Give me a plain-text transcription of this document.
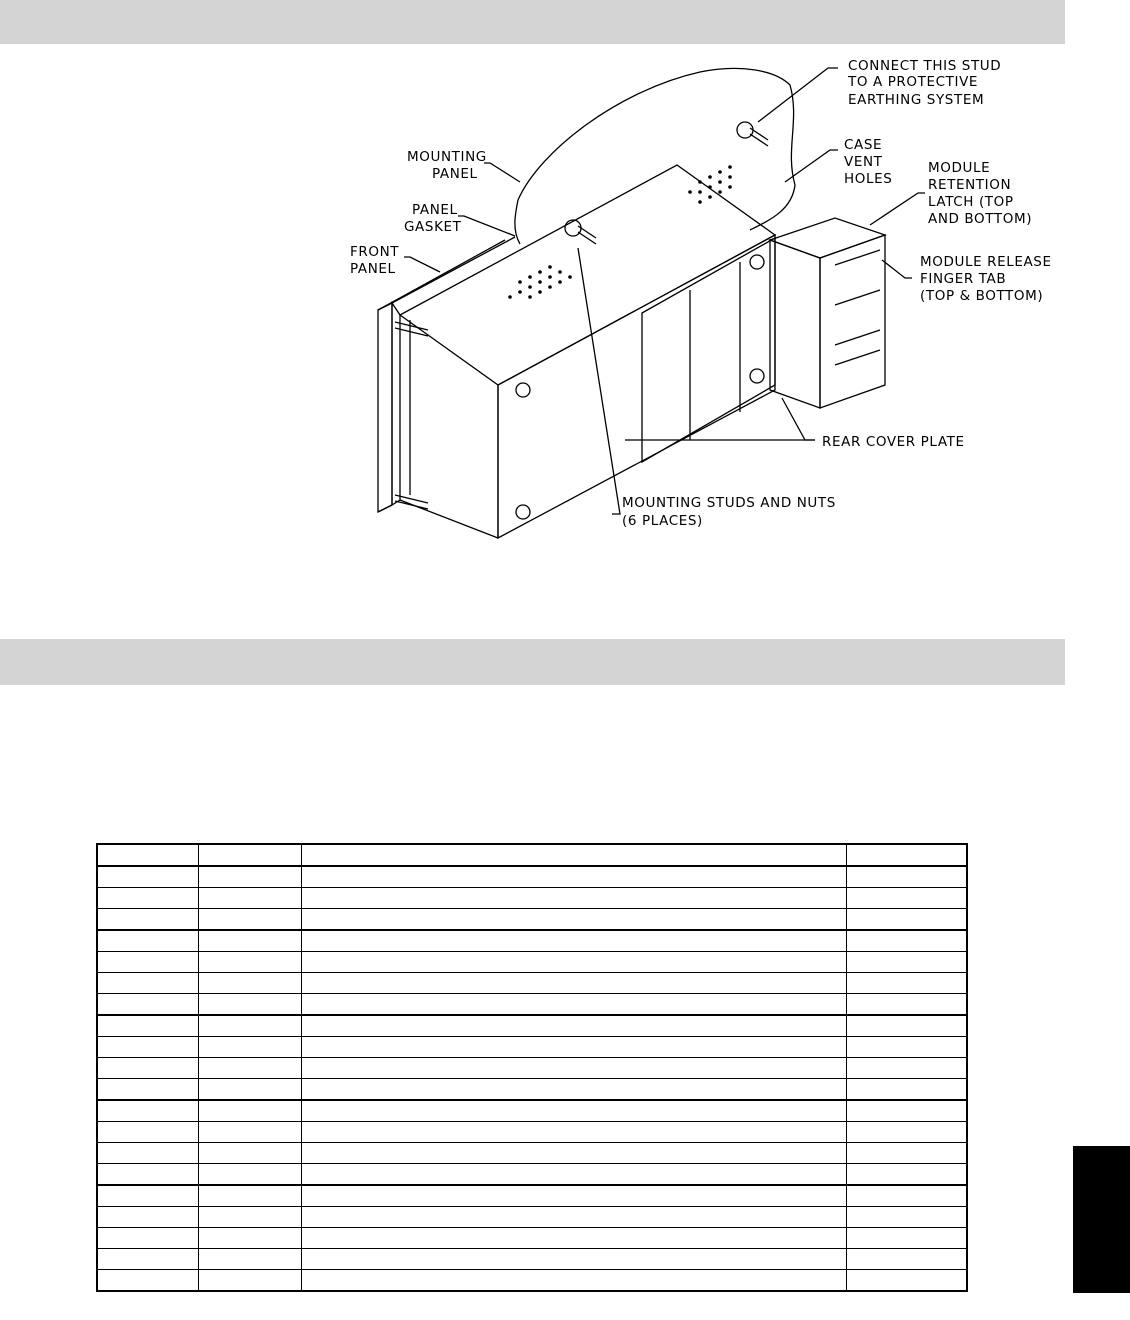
CONNECT THIS STUD TO A PROTECTIVE EARTHING SYSTEM
MOUNTING PANEL
PANEL GASKET
FRONT PANEL
CASE VENT HOLES
MODULE RETENTION LATCH (TOP AND BOTTOM)
MODULE RELEASE FINGER TAB (TOP & BOTTOM)
REAR COVER PLATE
MOUNTING STUDS AND NUTS (6 PLACES)
